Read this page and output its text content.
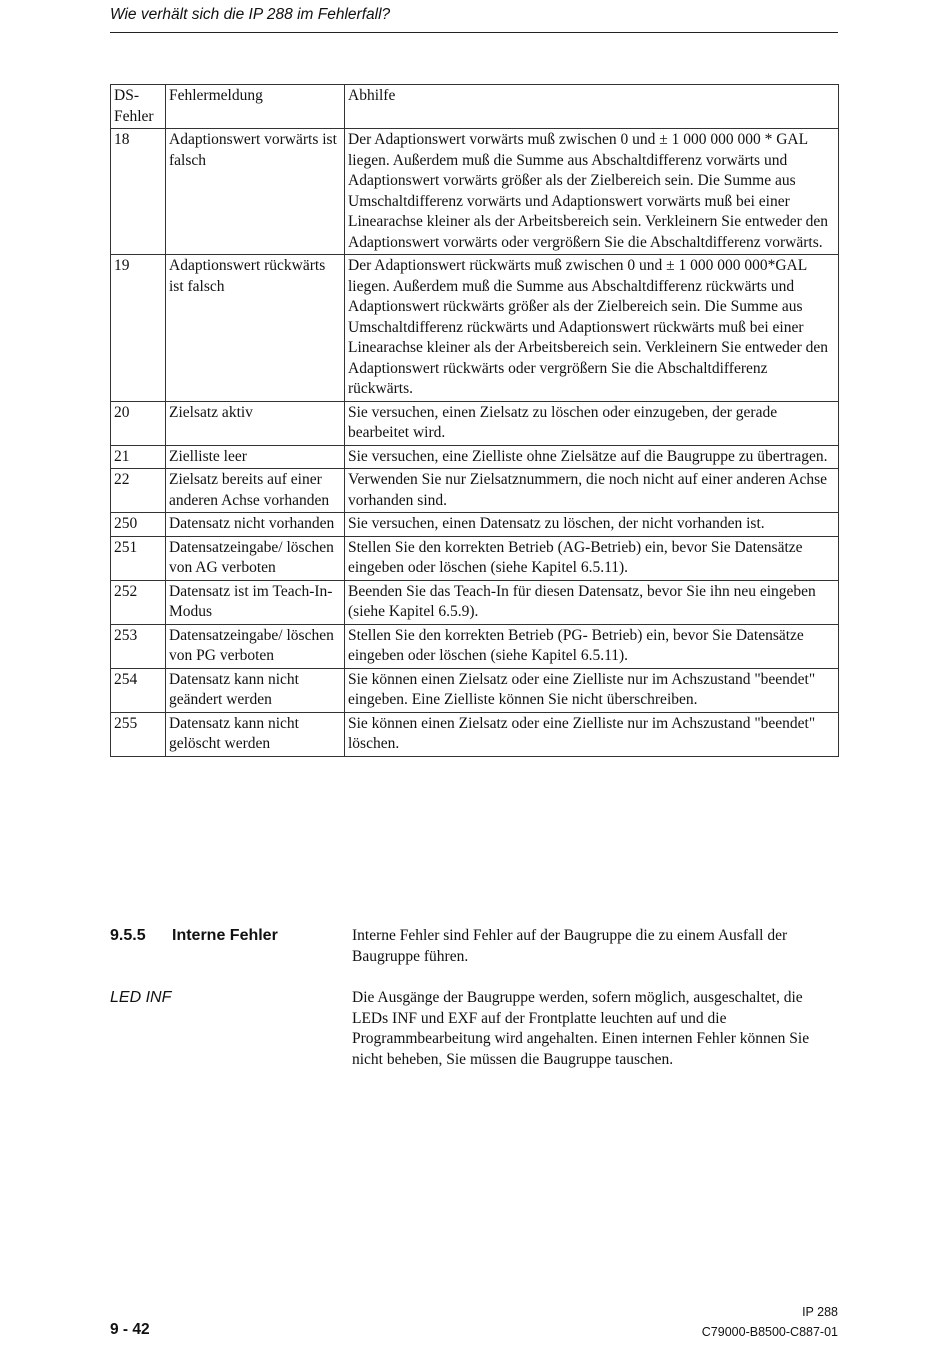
Wie verhält sich die IP 288 im Fehlerfall?
DS-
Fehler	Fehlermeldung	Abhilfe
18	Adaptionswert vorwärts ist falsch	Der Adaptionswert vorwärts muß zwischen 0 und ± 1 000 000 000 * GAL liegen. Außerdem muß die Summe aus Abschaltdifferenz vorwärts und Adaptionswert vorwärts größer als der Zielbereich sein. Die Summe aus Umschaltdifferenz vorwärts und Adaptionswert vorwärts muß bei einer Linearachse kleiner als der Arbeitsbereich sein. Verkleinern Sie entweder den Adaptionswert vorwärts oder vergrößern Sie die Abschaltdifferenz vorwärts.
19	Adaptionswert rückwärts ist falsch	Der Adaptionswert rückwärts muß zwischen 0 und ± 1 000 000 000*GAL liegen. Außerdem muß die Summe aus Abschaltdifferenz rückwärts und Adaptionswert rückwärts größer als der Zielbereich sein. Die Summe aus Umschaltdifferenz rückwärts und Adaptionswert rückwärts muß bei einer Linearachse kleiner als der Arbeitsbereich sein. Verkleinern Sie entweder den Adaptionswert rückwärts oder vergrößern Sie die Abschaltdifferenz rückwärts.
20	Zielsatz aktiv	Sie versuchen, einen Zielsatz zu löschen oder einzugeben, der gerade bearbeitet wird.
21	Zielliste leer	Sie versuchen, eine Zielliste ohne Zielsätze auf die Baugruppe zu übertragen.
22	Zielsatz bereits auf einer anderen Achse vorhanden	Verwenden Sie nur Zielsatznummern, die noch nicht auf einer anderen Achse vorhanden sind.
250	Datensatz nicht vorhanden	Sie versuchen, einen Datensatz zu löschen, der nicht vorhanden ist.
251	Datensatzeingabe/ löschen von AG verboten	Stellen Sie den korrekten Betrieb (AG-Betrieb) ein, bevor Sie Datensätze eingeben oder löschen (siehe Kapitel 6.5.11).
252	Datensatz ist im Teach-In-Modus	Beenden Sie das Teach-In für diesen Datensatz, bevor Sie ihn neu eingeben (siehe Kapitel 6.5.9).
253	Datensatzeingabe/ löschen von PG verboten	Stellen Sie den korrekten Betrieb (PG- Betrieb) ein, bevor Sie Datensätze eingeben oder löschen (siehe Kapitel 6.5.11).
254	Datensatz kann nicht geändert werden	Sie können einen Zielsatz oder eine Zielliste nur im Achszustand "beendet" eingeben. Eine Zielliste können Sie nicht überschreiben.
255	Datensatz kann nicht gelöscht werden	Sie können einen Zielsatz oder eine Zielliste nur im Achszustand "beendet" löschen.
9.5.5 Interne Fehler	Interne Fehler sind Fehler auf der Baugruppe die zu einem Ausfall der Baugruppe führen.
LED INF	Die Ausgänge der Baugruppe werden, sofern möglich, ausgeschaltet, die LEDs INF und EXF auf der Frontplatte leuchten auf und die Programmbearbeitung wird angehalten. Einen internen Fehler können Sie nicht beheben, Sie müssen die Baugruppe tauschen.
9 - 42
IP 288
C79000-B8500-C887-01
